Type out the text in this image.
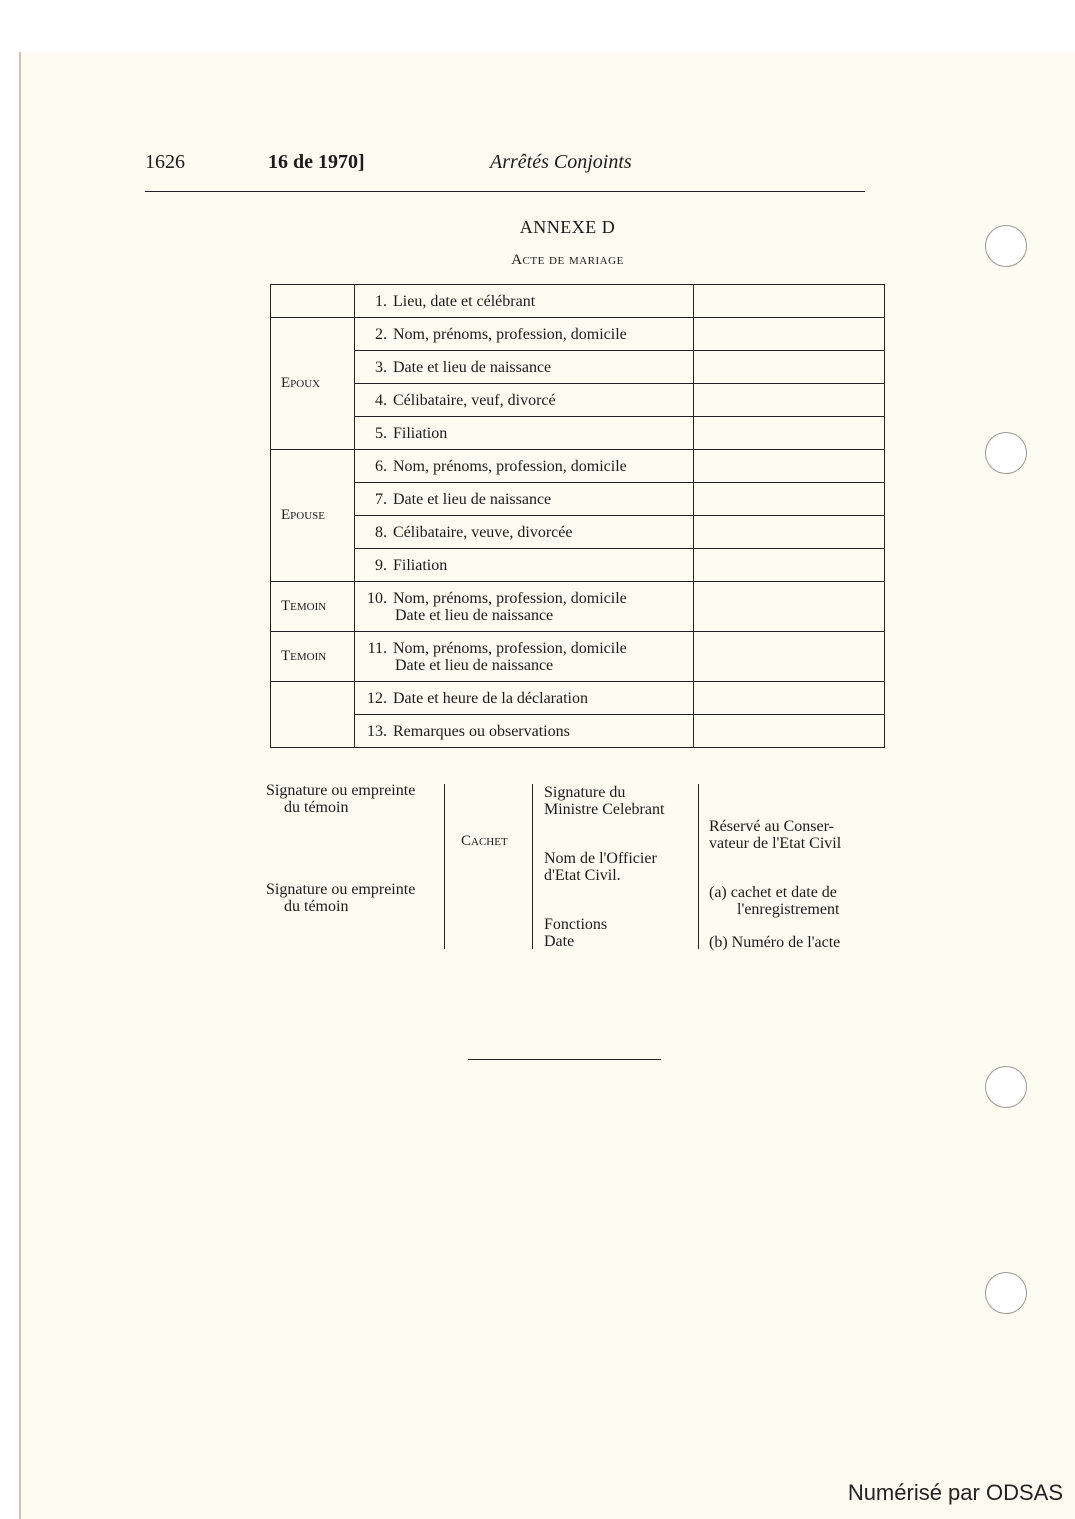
1626	16 de 1970]	Arrêtés Conjoints
ANNEXE D
Acte de mariage
	1. Lieu, date et célébrant	
Epoux	2. Nom, prénoms, profession, domicile	
	3. Date et lieu de naissance	
	4. Célibataire, veuf, divorcé	
	5. Filiation	
Epouse	6. Nom, prénoms, profession, domicile	
	7. Date et lieu de naissance	
	8. Célibataire, veuve, divorcée	
	9. Filiation	
Temoin	10. Nom, prénoms, profession, domicile
Date et lieu de naissance	

Temoin	11. Nom, prénoms, profession, domicile
Date et lieu de naissance	

	12. Date et heure de la déclaration	
	13. Remarques ou observations	
Signature ou empreinte
du témoin
Signature ou empreinte
du témoin
Cachet
Signature du
Ministre Celebrant
Nom de l'Officier
d'Etat Civil.
Fonctions
Date
Réservé au Conser-
vateur de l'Etat Civil
(a) cachet et date de
l'enregistrement
(b) Numéro de l'acte
Numérisé par ODSAS
